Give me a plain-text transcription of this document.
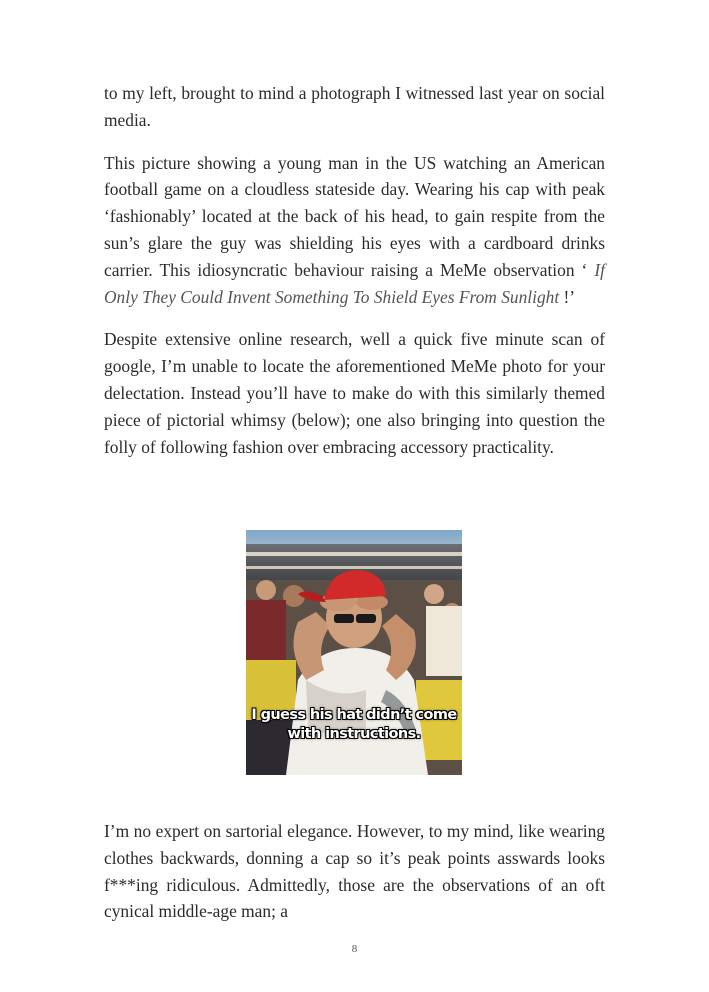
to my left, brought to mind a photograph I witnessed last year on social media.

This picture showing a young man in the US watching an American football game on a cloudless stateside day. Wearing his cap with peak ‘fashionably’ located at the back of his head, to gain respite from the sun’s glare the guy was shielding his eyes with a cardboard drinks carrier. This idiosyncratic behaviour raising a MeMe observation ‘ If Only They Could Invent Something To Shield Eyes From Sunlight !’

Despite extensive online research, well a quick five minute scan of google, I’m unable to locate the aforementioned MeMe photo for your delectation. Instead you’ll have to make do with this similarly themed piece of pictorial whimsy (below); one also bringing into question the folly of following fashion over embracing accessory practicality.

I guess his hat didn’t come
with instructions.

I’m no expert on sartorial elegance. However, to my mind, like wearing clothes backwards, donning a cap so it’s peak points asswards looks f***ing ridiculous. Admittedly, those are the observations of an oft cynical middle-age man; a

8
